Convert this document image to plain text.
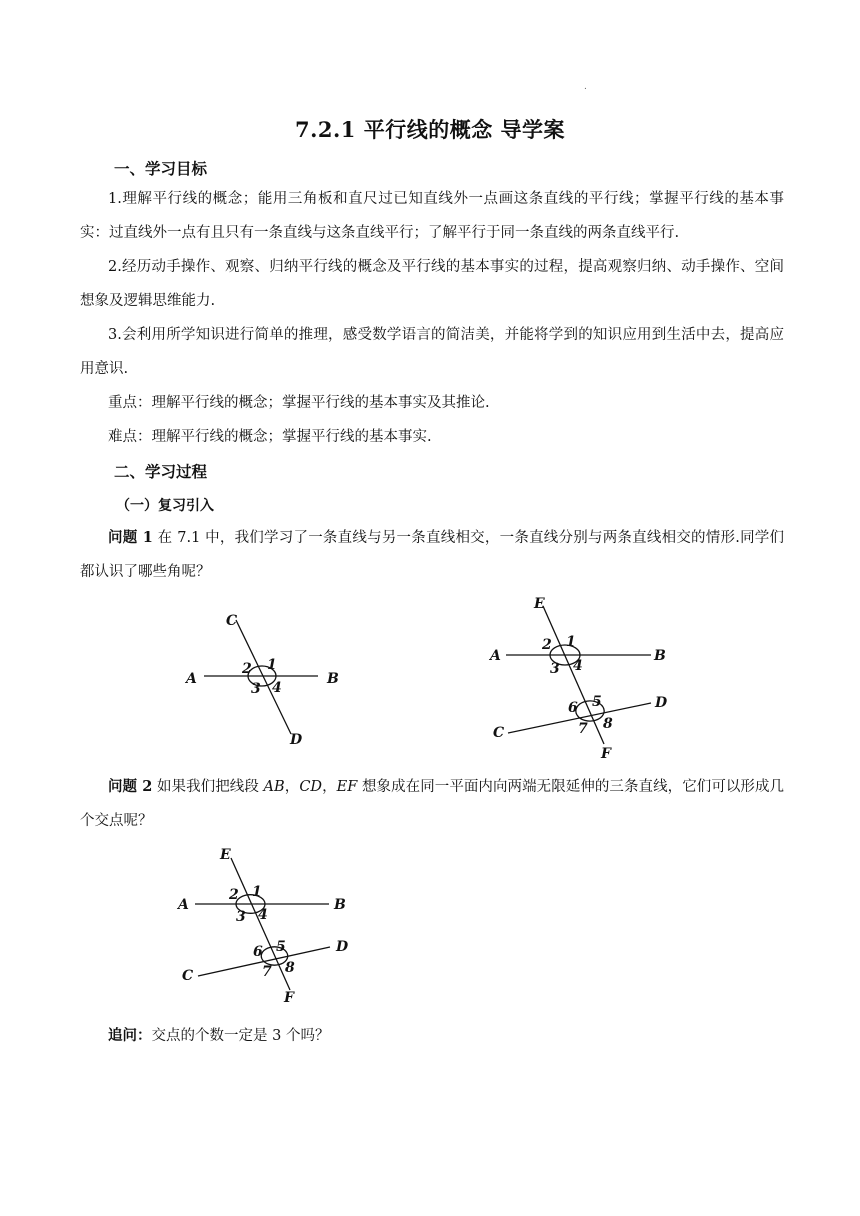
.
7.2.1 平行线的概念 导学案
一、学习目标
1.理解平行线的概念；能用三角板和直尺过已知直线外一点画这条直线的平行线；掌握平行线的基本事实：过直线外一点有且只有一条直线与这条直线平行；了解平行于同一条直线的两条直线平行.
2.经历动手操作、观察、归纳平行线的概念及平行线的基本事实的过程，提高观察归纳、动手操作、空间想象及逻辑思维能力.
3.会利用所学知识进行简单的推理，感受数学语言的简洁美，并能将学到的知识应用到生活中去，提高应用意识.
重点：理解平行线的概念；掌握平行线的基本事实及其推论.
难点：理解平行线的概念；掌握平行线的基本事实.
二、学习过程
（一）复习引入
问题 1 在 7.1 中，我们学习了一条直线与另一条直线相交，一条直线分别与两条直线相交的情形.同学们都认识了哪些角呢？
C
A	B
D
1
2
3 4
E
A	B
D
C
F
1
2
3 4
5
6
7 8
问题 2 如果我们把线段 AB，CD，EF 想象成在同一平面内向两端无限延伸的三条直线，它们可以形成几个交点呢？
E
A	B
D
C
F
1
2
3 4
5
6
7 8
追问：交点的个数一定是 3 个吗？
